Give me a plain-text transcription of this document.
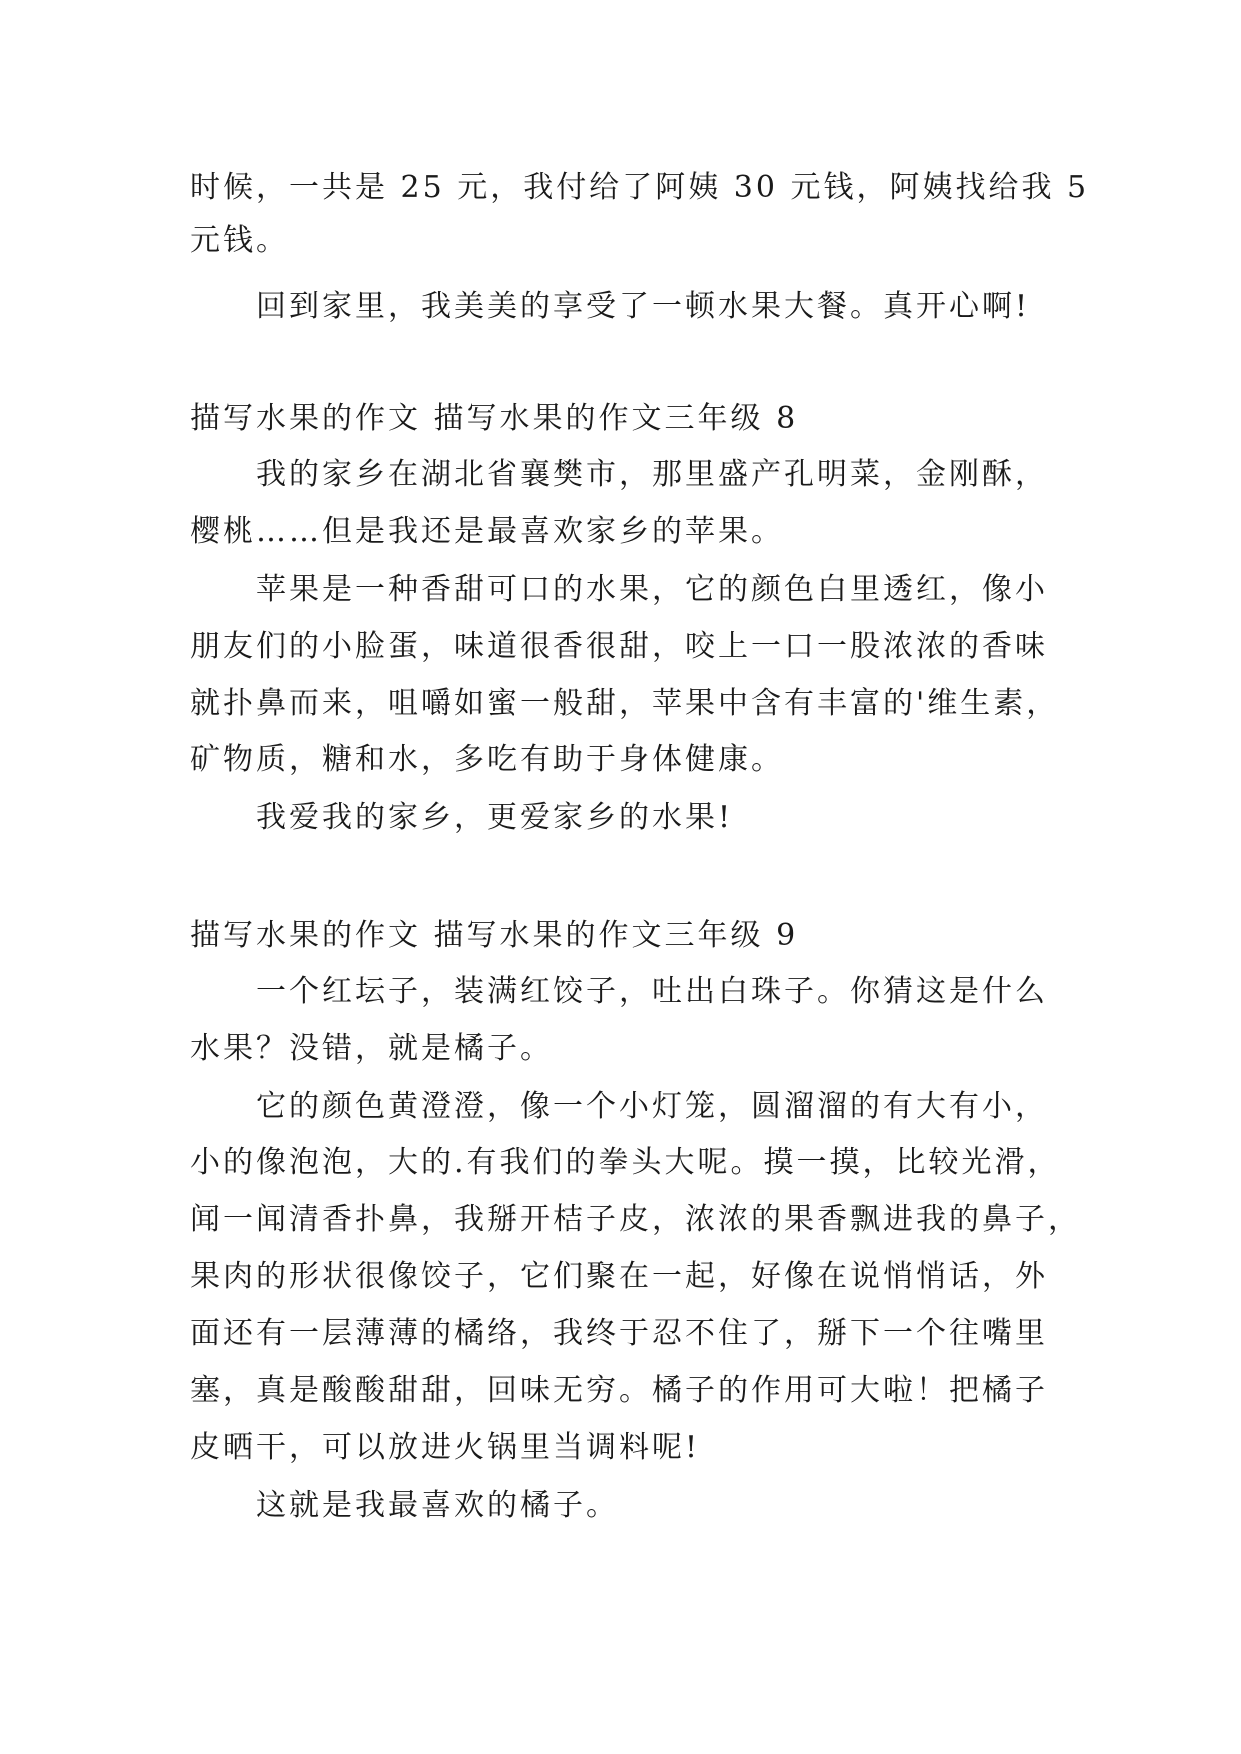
时候，一共是 25 元，我付给了阿姨 30 元钱，阿姨找给我 5

元钱。

回到家里，我美美的享受了一顿水果大餐。真开心啊!

描写水果的作文 描写水果的作文三年级 8

我的家乡在湖北省襄樊市，那里盛产孔明菜，金刚酥，

樱桃……但是我还是最喜欢家乡的苹果。

苹果是一种香甜可口的水果，它的颜色白里透红，像小

朋友们的小脸蛋，味道很香很甜，咬上一口一股浓浓的香味

就扑鼻而来，咀嚼如蜜一般甜，苹果中含有丰富的'维生素，

矿物质，糖和水，多吃有助于身体健康。

我爱我的家乡，更爱家乡的水果!

描写水果的作文 描写水果的作文三年级 9

一个红坛子，装满红饺子，吐出白珠子。你猜这是什么

水果？没错，就是橘子。

它的颜色黄澄澄，像一个小灯笼，圆溜溜的有大有小，

小的像泡泡，大的.有我们的拳头大呢。摸一摸，比较光滑，

闻一闻清香扑鼻，我掰开桔子皮，浓浓的果香飘进我的鼻子，

果肉的形状很像饺子，它们聚在一起，好像在说悄悄话，外

面还有一层薄薄的橘络，我终于忍不住了，掰下一个往嘴里

塞，真是酸酸甜甜，回味无穷。橘子的作用可大啦！把橘子

皮晒干，可以放进火锅里当调料呢!

这就是我最喜欢的橘子。
